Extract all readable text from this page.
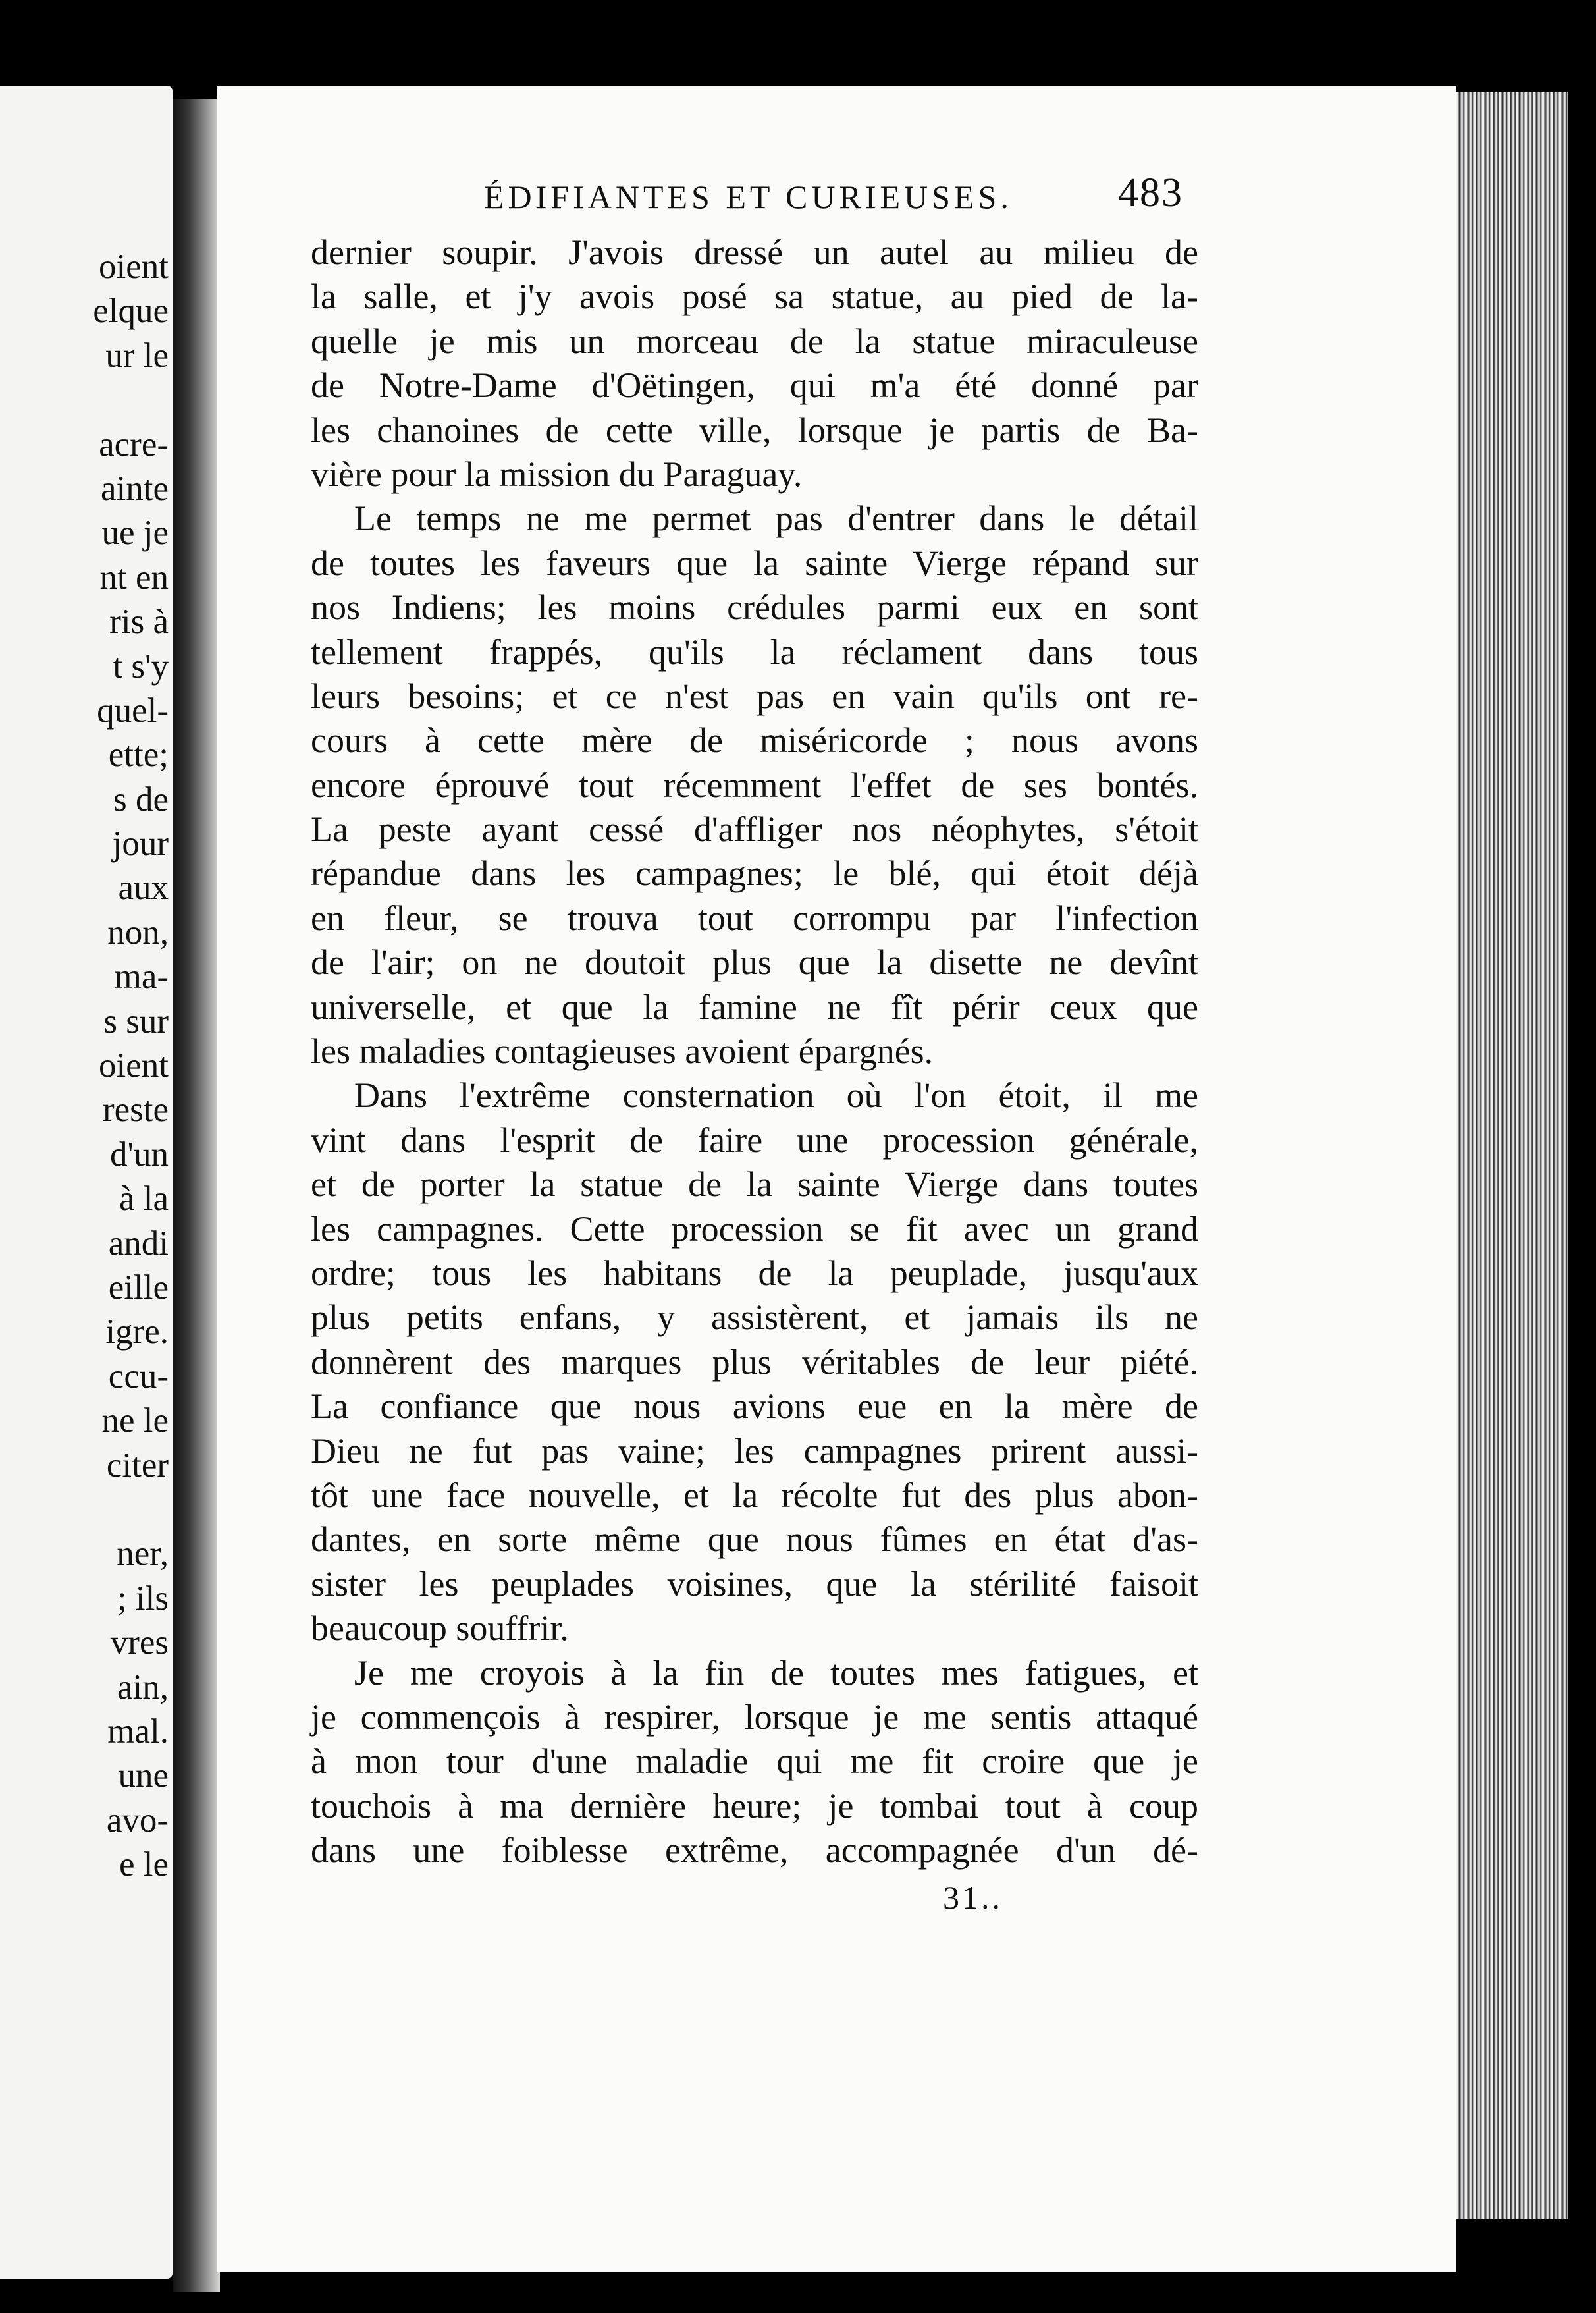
oient
elque
ur le
acre-
ainte
ue je
nt en
ris à
t s'y
quel-
ette;
s de
jour
aux
non,
ma-
s sur
oient
reste
d'un
à la
andi
eille
igre.
ccu-
ne le
citer
ner,
; ils
vres
ain,
mal.
une
avo-
e le
ÉDIFIANTES ET CURIEUSES.	483
dernier soupir. J'avois dressé un autel au milieu de
la salle, et j'y avois posé sa statue, au pied de la-
quelle je mis un morceau de la statue miraculeuse
de Notre-Dame d'Oëtingen, qui m'a été donné par
les chanoines de cette ville, lorsque je partis de Ba-
vière pour la mission du Paraguay.
Le temps ne me permet pas d'entrer dans le détail
de toutes les faveurs que la sainte Vierge répand sur
nos Indiens; les moins crédules parmi eux en sont
tellement frappés, qu'ils la réclament dans tous
leurs besoins; et ce n'est pas en vain qu'ils ont re-
cours à cette mère de miséricorde ; nous avons
encore éprouvé tout récemment l'effet de ses bontés.
La peste ayant cessé d'affliger nos néophytes, s'étoit
répandue dans les campagnes; le blé, qui étoit déjà
en fleur, se trouva tout corrompu par l'infection
de l'air; on ne doutoit plus que la disette ne devînt
universelle, et que la famine ne fît périr ceux que
les maladies contagieuses avoient épargnés.
Dans l'extrême consternation où l'on étoit, il me
vint dans l'esprit de faire une procession générale,
et de porter la statue de la sainte Vierge dans toutes
les campagnes. Cette procession se fit avec un grand
ordre; tous les habitans de la peuplade, jusqu'aux
plus petits enfans, y assistèrent, et jamais ils ne
donnèrent des marques plus véritables de leur piété.
La confiance que nous avions eue en la mère de
Dieu ne fut pas vaine; les campagnes prirent aussi-
tôt une face nouvelle, et la récolte fut des plus abon-
dantes, en sorte même que nous fûmes en état d'as-
sister les peuplades voisines, que la stérilité faisoit
beaucoup souffrir.
Je me croyois à la fin de toutes mes fatigues, et
je commençois à respirer, lorsque je me sentis attaqué
à mon tour d'une maladie qui me fit croire que je
touchois à ma dernière heure; je tombai tout à coup
dans une foiblesse extrême, accompagnée d'un dé-
31..
